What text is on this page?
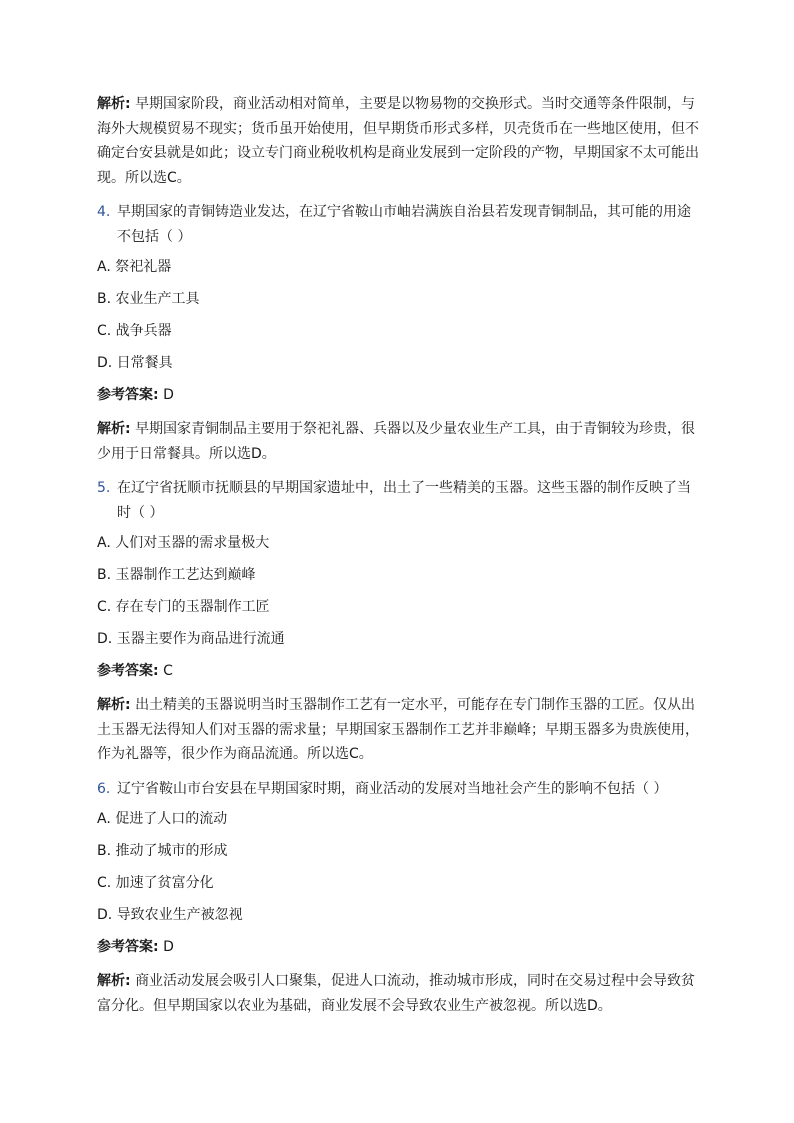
解析: 早期国家阶段，商业活动相对简单，主要是以物易物的交换形式。当时交通等条件限制，与海外大规模贸易不现实；货币虽开始使用，但早期货币形式多样，贝壳货币在一些地区使用，但不确定台安县就是如此；设立专门商业税收机构是商业发展到一定阶段的产物，早期国家不太可能出现。所以选C。

4. 早期国家的青铜铸造业发达，在辽宁省鞍山市岫岩满族自治县若发现青铜制品，其可能的用途不包括（ ）

A. 祭祀礼器

B. 农业生产工具

C. 战争兵器

D. 日常餐具

参考答案: D

解析: 早期国家青铜制品主要用于祭祀礼器、兵器以及少量农业生产工具，由于青铜较为珍贵，很少用于日常餐具。所以选D。

5. 在辽宁省抚顺市抚顺县的早期国家遗址中，出土了一些精美的玉器。这些玉器的制作反映了当时（ ）

A. 人们对玉器的需求量极大

B. 玉器制作工艺达到巅峰

C. 存在专门的玉器制作工匠

D. 玉器主要作为商品进行流通

参考答案: C

解析: 出土精美的玉器说明当时玉器制作工艺有一定水平，可能存在专门制作玉器的工匠。仅从出土玉器无法得知人们对玉器的需求量；早期国家玉器制作工艺并非巅峰；早期玉器多为贵族使用，作为礼器等，很少作为商品流通。所以选C。

6. 辽宁省鞍山市台安县在早期国家时期，商业活动的发展对当地社会产生的影响不包括（ ）

A. 促进了人口的流动

B. 推动了城市的形成

C. 加速了贫富分化

D. 导致农业生产被忽视

参考答案: D

解析: 商业活动发展会吸引人口聚集，促进人口流动，推动城市形成，同时在交易过程中会导致贫富分化。但早期国家以农业为基础，商业发展不会导致农业生产被忽视。所以选D。
